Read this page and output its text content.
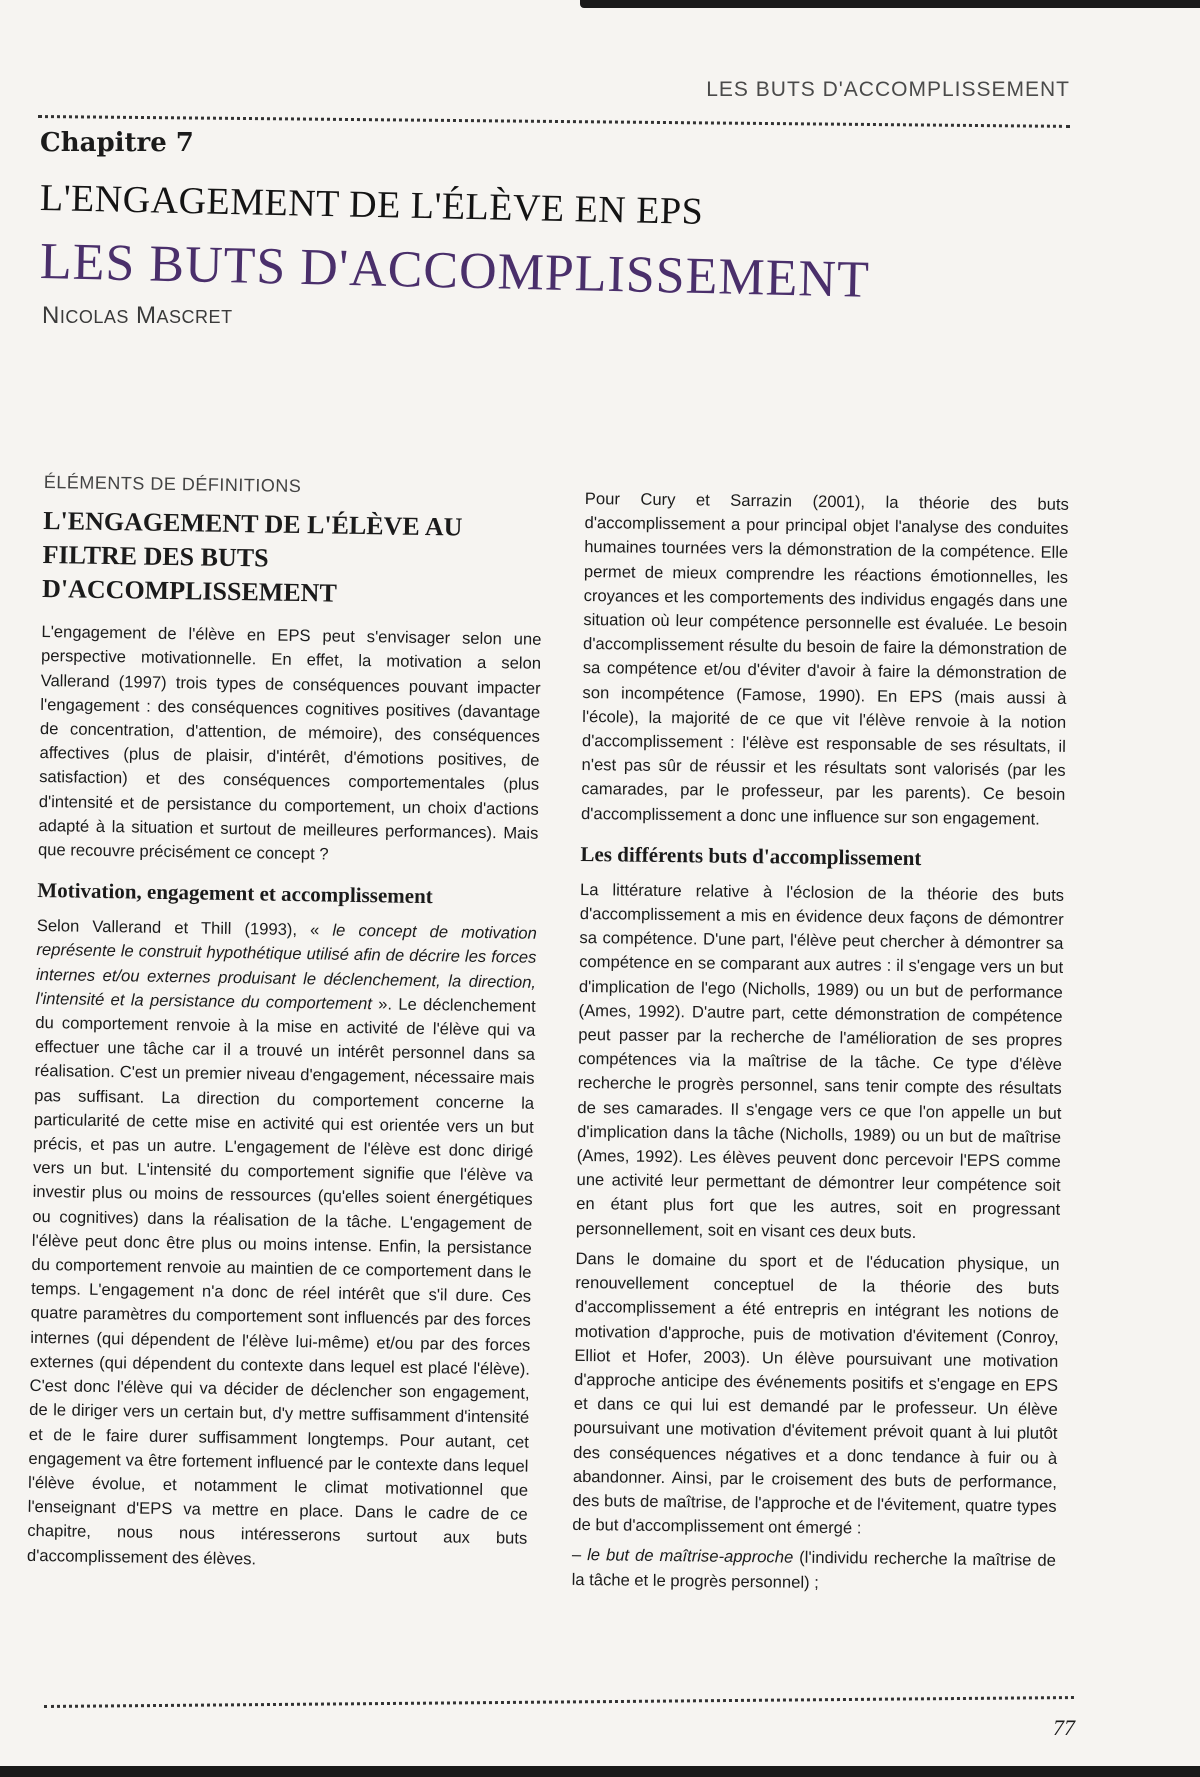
LES BUTS D'ACCOMPLISSEMENT
Chapitre 7
L'ENGAGEMENT DE L'ÉLÈVE EN EPS
LES BUTS D'ACCOMPLISSEMENT
NICOLAS MASCRET
ÉLÉMENTS DE DÉFINITIONS
L'ENGAGEMENT DE L'ÉLÈVE AU FILTRE DES BUTS D'ACCOMPLISSEMENT

L'engagement de l'élève en EPS peut s'envisager selon une perspective motivationnelle. En effet, la motivation a selon Vallerand (1997) trois types de conséquences pouvant impacter l'engagement : des conséquences cognitives positives (davantage de concentration, d'attention, de mémoire), des conséquences affectives (plus de plaisir, d'intérêt, d'émotions positives, de satisfaction) et des conséquences comportementales (plus d'intensité et de persistance du comportement, un choix d'actions adapté à la situation et surtout de meilleures performances). Mais que recouvre précisément ce concept ?

Motivation, engagement et accomplissement

Selon Vallerand et Thill (1993), « le concept de motivation représente le construit hypothétique utilisé afin de décrire les forces internes et/ou externes produisant le déclenchement, la direction, l'intensité et la persistance du comportement ». Le déclenchement du comportement renvoie à la mise en activité de l'élève qui va effectuer une tâche car il a trouvé un intérêt personnel dans sa réalisation. C'est un premier niveau d'engagement, nécessaire mais pas suffisant. La direction du comportement concerne la particularité de cette mise en activité qui est orientée vers un but précis, et pas un autre. L'engagement de l'élève est donc dirigé vers un but. L'intensité du comportement signifie que l'élève va investir plus ou moins de ressources (qu'elles soient énergétiques ou cognitives) dans la réalisation de la tâche. L'engagement de l'élève peut donc être plus ou moins intense. Enfin, la persistance du comportement renvoie au maintien de ce comportement dans le temps. L'engagement n'a donc de réel intérêt que s'il dure. Ces quatre paramètres du comportement sont influencés par des forces internes (qui dépendent de l'élève lui-même) et/ou par des forces externes (qui dépendent du contexte dans lequel est placé l'élève). C'est donc l'élève qui va décider de déclencher son engagement, de le diriger vers un certain but, d'y mettre suffisamment d'intensité et de le faire durer suffisamment longtemps. Pour autant, cet engagement va être fortement influencé par le contexte dans lequel l'élève évolue, et notamment le climat motivationnel que l'enseignant d'EPS va mettre en place. Dans le cadre de ce chapitre, nous nous intéresserons surtout aux buts d'accomplissement des élèves.

Pour Cury et Sarrazin (2001), la théorie des buts d'accomplissement a pour principal objet l'analyse des conduites humaines tournées vers la démonstration de la compétence. Elle permet de mieux comprendre les réactions émotionnelles, les croyances et les comportements des individus engagés dans une situation où leur compétence personnelle est évaluée. Le besoin d'accomplissement résulte du besoin de faire la démonstration de sa compétence et/ou d'éviter d'avoir à faire la démonstration de son incompétence (Famose, 1990). En EPS (mais aussi à l'école), la majorité de ce que vit l'élève renvoie à la notion d'accomplissement : l'élève est responsable de ses résultats, il n'est pas sûr de réussir et les résultats sont valorisés (par les camarades, par le professeur, par les parents). Ce besoin d'accomplissement a donc une influence sur son engagement.

Les différents buts d'accomplissement

La littérature relative à l'éclosion de la théorie des buts d'accomplissement a mis en évidence deux façons de démontrer sa compétence. D'une part, l'élève peut chercher à démontrer sa compétence en se comparant aux autres : il s'engage vers un but d'implication de l'ego (Nicholls, 1989) ou un but de performance (Ames, 1992). D'autre part, cette démonstration de compétence peut passer par la recherche de l'amélioration de ses propres compétences via la maîtrise de la tâche. Ce type d'élève recherche le progrès personnel, sans tenir compte des résultats de ses camarades. Il s'engage vers ce que l'on appelle un but d'implication dans la tâche (Nicholls, 1989) ou un but de maîtrise (Ames, 1992). Les élèves peuvent donc percevoir l'EPS comme une activité leur permettant de démontrer leur compétence soit en étant plus fort que les autres, soit en progressant personnellement, soit en visant ces deux buts.

Dans le domaine du sport et de l'éducation physique, un renouvellement conceptuel de la théorie des buts d'accomplissement a été entrepris en intégrant les notions de motivation d'approche, puis de motivation d'évitement (Conroy, Elliot et Hofer, 2003). Un élève poursuivant une motivation d'approche anticipe des événements positifs et s'engage en EPS et dans ce qui lui est demandé par le professeur. Un élève poursuivant une motivation d'évitement prévoit quant à lui plutôt des conséquences négatives et a donc tendance à fuir ou à abandonner. Ainsi, par le croisement des buts de performance, des buts de maîtrise, de l'approche et de l'évitement, quatre types de but d'accomplissement ont émergé :

– le but de maîtrise-approche (l'individu recherche la maîtrise de la tâche et le progrès personnel) ;

77
